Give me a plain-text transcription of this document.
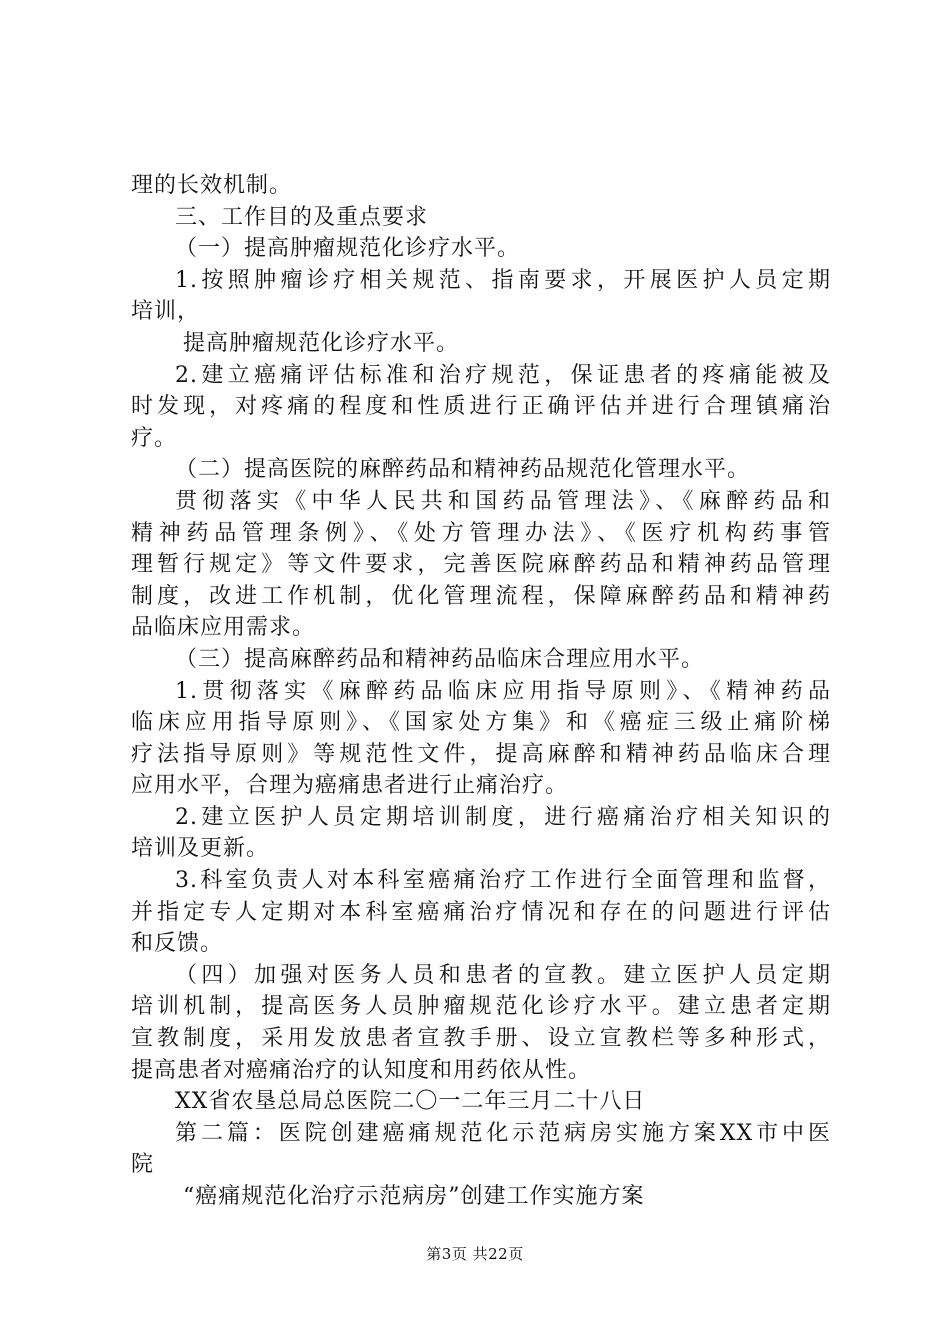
理的长效机制。
三、工作目的及重点要求
（一）提高肿瘤规范化诊疗水平。
1.按照肿瘤诊疗相关规范、指南要求，开展医护人员定期
培训，
提高肿瘤规范化诊疗水平。
2.建立癌痛评估标准和治疗规范，保证患者的疼痛能被及
时发现，对疼痛的程度和性质进行正确评估并进行合理镇痛治
疗。
（二）提高医院的麻醉药品和精神药品规范化管理水平。
贯彻落实《中华人民共和国药品管理法》、《麻醉药品和
精神药品管理条例》、《处方管理办法》、《医疗机构药事管
理暂行规定》等文件要求，完善医院麻醉药品和精神药品管理
制度，改进工作机制，优化管理流程，保障麻醉药品和精神药
品临床应用需求。
（三）提高麻醉药品和精神药品临床合理应用水平。
1.贯彻落实《麻醉药品临床应用指导原则》、《精神药品
临床应用指导原则》、《国家处方集》和《癌症三级止痛阶梯
疗法指导原则》等规范性文件，提高麻醉和精神药品临床合理
应用水平，合理为癌痛患者进行止痛治疗。
2.建立医护人员定期培训制度，进行癌痛治疗相关知识的
培训及更新。
3.科室负责人对本科室癌痛治疗工作进行全面管理和监督，
并指定专人定期对本科室癌痛治疗情况和存在的问题进行评估
和反馈。
（四）加强对医务人员和患者的宣教。建立医护人员定期
培训机制，提高医务人员肿瘤规范化诊疗水平。建立患者定期
宣教制度，采用发放患者宣教手册、设立宣教栏等多种形式，
提高患者对癌痛治疗的认知度和用药依从性。
XX省农垦总局总医院二〇一二年三月二十八日
第二篇：医院创建癌痛规范化示范病房实施方案XX市中医
院
“癌痛规范化治疗示范病房”创建工作实施方案
第3页 共22页
